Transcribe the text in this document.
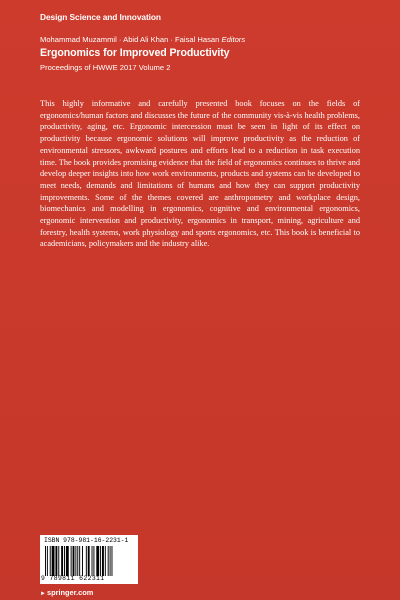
Design Science and Innovation
Mohammad Muzammil · Abid Ali Khan · Faisal Hasan Editors
Ergonomics for Improved Productivity
Proceedings of HWWE 2017 Volume 2
This highly informative and carefully presented book focuses on the fields of ergonomics/human factors and discusses the future of the community vis-à-vis health problems, productivity, aging, etc. Ergonomic intercession must be seen in light of its effect on productivity because ergonomic solutions will improve productivity as the reduction of environmental stressors, awkward postures and efforts lead to a reduction in task execution time. The book provides promising evidence that the field of ergonomics continues to thrive and develop deeper insights into how work environments, products and systems can be developed to meet needs, demands and limitations of humans and how they can support productivity improvements. Some of the themes covered are anthropometry and workplace design, biomechanics and modelling in ergonomics, cognitive and environmental ergonomics, ergonomic intervention and productivity, ergonomics in transport, mining, agriculture and forestry, health systems, work physiology and sports ergonomics, etc. This book is beneficial to academicians, policymakers and the industry alike.
ISBN 978-981-16-2231-1
9 789811 622311
►springer.com
